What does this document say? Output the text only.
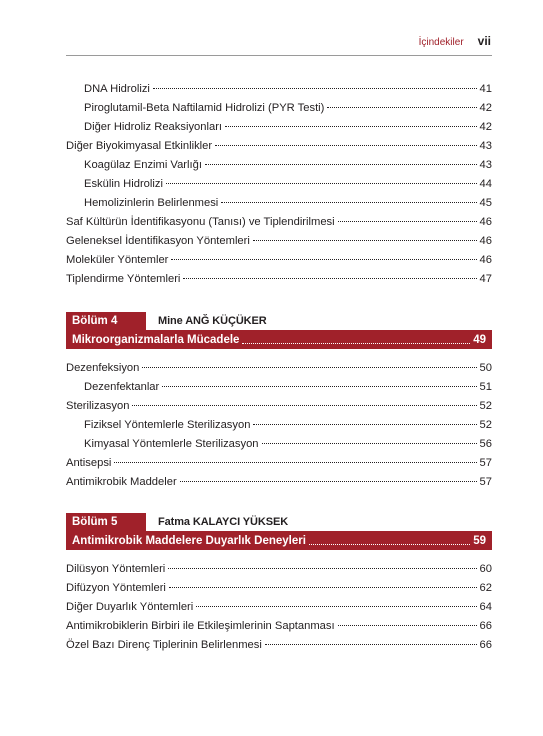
İçindekiler vii
DNA Hidrolizi	41
Piroglutamil-Beta Naftilamid Hidrolizi (PYR Testi)	42
Diğer Hidroliz Reaksiyonları	42
Diğer Biyokimyasal Etkinlikler	43
Koagülaz Enzimi Varlığı	43
Eskülin Hidrolizi	44
Hemolizinlerin Belirlenmesi	45
Saf Kültürün İdentifikasyonu (Tanısı) ve Tiplendirilmesi	46
Geleneksel İdentifikasyon Yöntemleri	46
Moleküler Yöntemler	46
Tiplendirme Yöntemleri	47
Bölüm 4	Mine ANĞ KÜÇÜKER
Mikroorganizmalarla Mücadele	49
Dezenfeksiyon	50
Dezenfektanlar	51
Sterilizasyon	52
Fiziksel Yöntemlerle Sterilizasyon	52
Kimyasal Yöntemlerle Sterilizasyon	56
Antisepsi	57
Antimikrobik Maddeler	57
Bölüm 5	Fatma KALAYCI YÜKSEK
Antimikrobik Maddelere Duyarlık Deneyleri	59
Dilüsyon Yöntemleri	60
Difüzyon Yöntemleri	62
Diğer Duyarlık Yöntemleri	64
Antimikrobiklerin Birbiri ile Etkileşimlerinin Saptanması	66
Özel Bazı Direnç Tiplerinin Belirlenmesi	66
